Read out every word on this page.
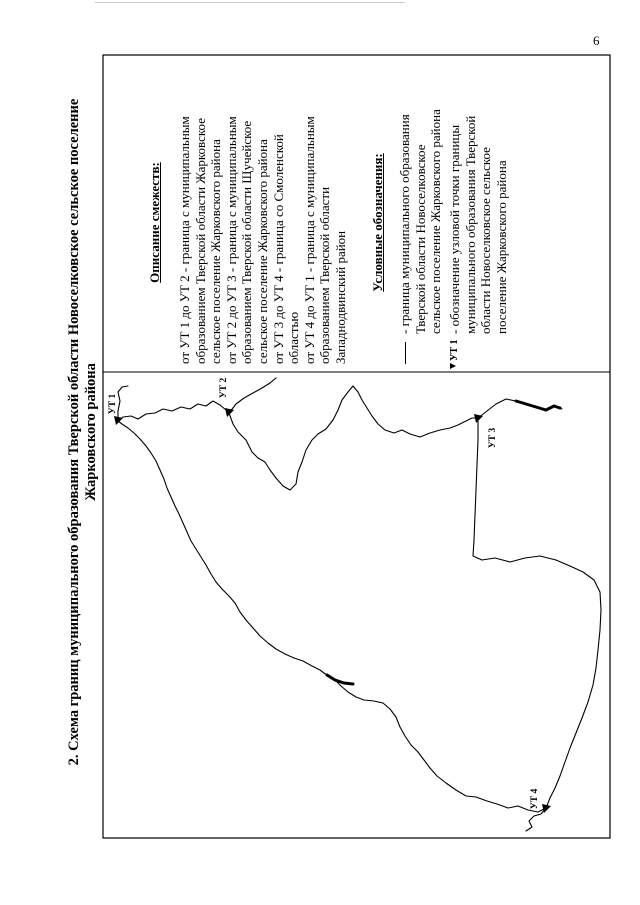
6
УТ 1
УТ 2
УТ 3
УТ 4
2. Схема границ муниципального образования Тверской области Новоселковское сельское поселение Жарковского района
Описание смежеств: от УТ 1 до УТ 2 - граница с муниципальным образованием Тверской области Жарковское сельское поселение Жарковского района от УТ 2 до УТ 3 - граница с муниципальным образованием Тверской области Щучейское сельское поселение Жарковского района от УТ 3 до УТ 4 - граница со Смоленской областью от УТ 4 до УТ 1 - граница с муниципальным образованием Тверской области Западнодвинский район
Условные обозначения: - граница муниципального образования Тверской области Новоселковское сельское поселение Жарковского района
УТ 1
- обозначение узловой точки границы муниципального образования Тверской области Новоселковское сельское поселение Жарковского района
